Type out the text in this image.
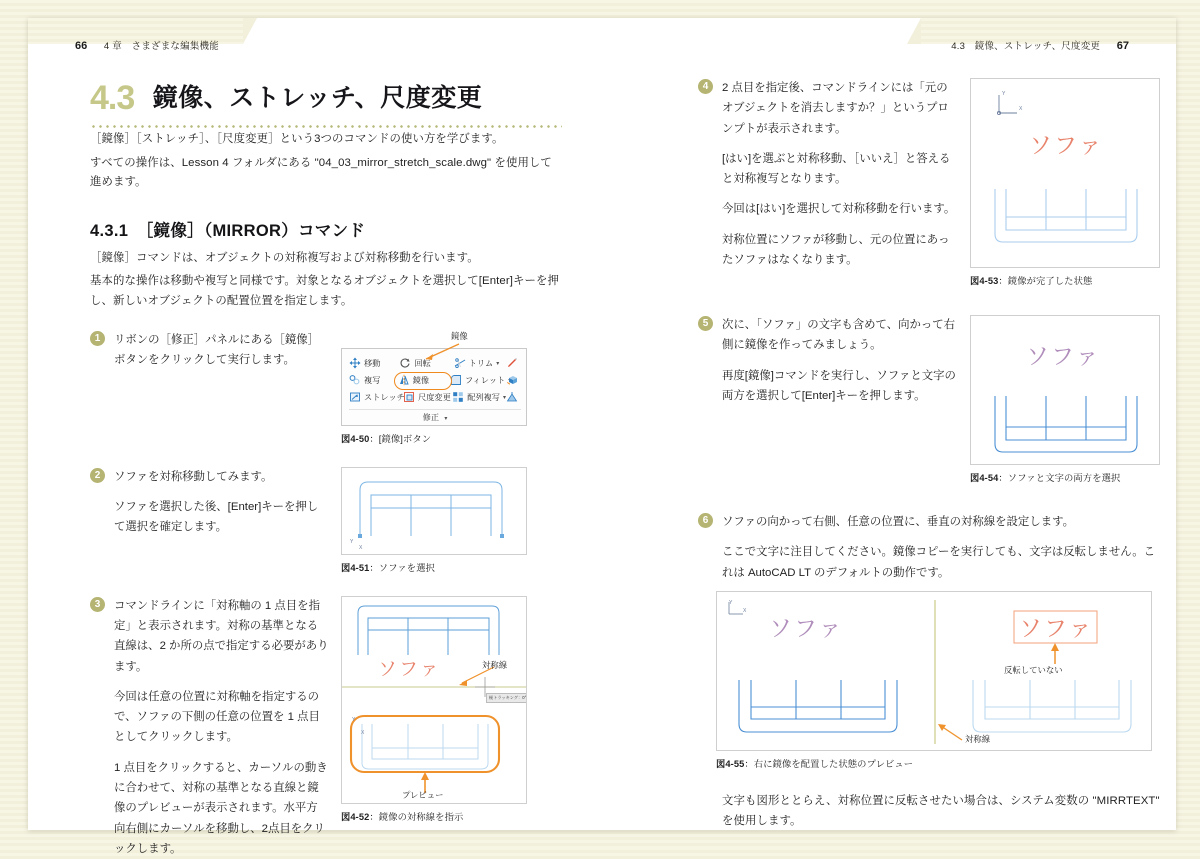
66 4 章　さまざまな編集機能	4.3　鏡像、ストレッチ、尺度変更 67
4.3 鏡像、ストレッチ、尺度変更

［鏡像］［ストレッチ］、［尺度変更］という3つのコマンドの使い方を学びます。

すべての操作は、Lesson 4 フォルダにある "04_03_mirror_stretch_scale.dwg" を使用して進めます。

4.3.1　［鏡像］（MIRROR）コマンド

［鏡像］コマンドは、オブジェクトの対称複写および対称移動を行います。

基本的な操作は移動や複写と同様です。対象となるオブジェクトを選択して[Enter]キーを押し、新しいオブジェクトの配置位置を指定します。

1	リボンの［修正］パネルにある［鏡像］ボタンをクリックして実行します。

鏡像
移動	回転	トリム ▾
複写	鏡像	フィレット
ストレッチ 尺度変更 配列複写 ▾
修正 ▾
図4-50：[鏡像]ボタン
2	ソファを対称移動してみます。

ソファを選択した後、[Enter]キーを押して選択を確定します。

Y
X
図4-51：ソファを選択
3	コマンドラインに「対称軸の 1 点目を指定」と表示されます。対称の基準となる直線は、2 か所の点で指定する必要があります。

今回は任意の位置に対称軸を指定するので、ソファの下側の任意の位置を 1 点目としてクリックします。

1 点目をクリックすると、カーソルの動きに合わせて、対称の基準となる直線と鏡像のプレビューが表示されます。水平方向右側にカーソルを移動し、2点目をクリックします。

Y
X
ソファ	対称線
極トラッキング：0°
プレビュー
図4-52：鏡像の対称線を指示
4	2 点目を指定後、コマンドラインには「元のオブジェクトを消去しますか？」というプロンプトが表示されます。

[はい]を選ぶと対称移動、［いいえ］と答えると対称複写となります。

今回は[はい]を選択して対称移動を行います。

対称位置にソファが移動し、元の位置にあったソファはなくなります。

Y
X
ソファ
図4-53：鏡像が完了した状態
5	次に、「ソファ」の文字も含めて、向かって右側に鏡像を作ってみましょう。

再度[鏡像]コマンドを実行し、ソファと文字の両方を選択して[Enter]キーを押します。

ソファ
図4-54：ソファと文字の両方を選択
6	ソファの向かって右側、任意の位置に、垂直の対称線を設定します。

ここで文字に注目してください。鏡像コピーを実行しても、文字は反転しません。これは AutoCAD LT のデフォルトの動作です。

Y
X
ソファ	ソファ
反転していない
対称線
図4-55：右に鏡像を配置した状態のプレビュー

文字も図形ととらえ、対称位置に反転させたい場合は、システム変数の "MIRRTEXT" を使用します。
